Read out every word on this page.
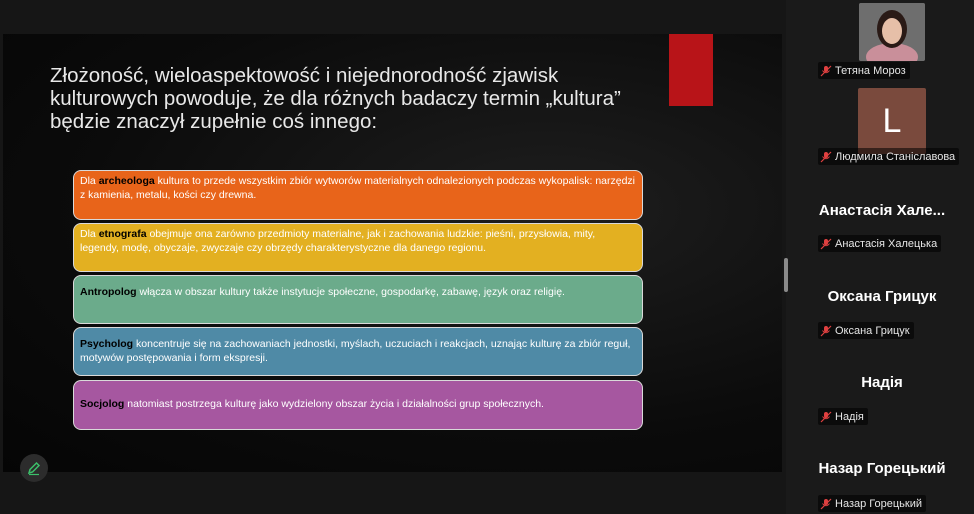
Złożoność, wieloaspektowość i niejednorodność zjawisk kulturowych powoduje, że dla różnych badaczy termin „kultura” będzie znaczył zupełnie coś innego:
Dla archeologa kultura to przede wszystkim zbiór wytworów materialnych odnalezionych podczas wykopalisk: narzędzi z kamienia, metalu, kości czy drewna.
Dla etnografa obejmuje ona zarówno przedmioty materialne, jak i zachowania ludzkie: pieśni, przysłowia, mity, legendy, modę, obyczaje, zwyczaje czy obrzędy charakterystyczne dla danego regionu.
Antropolog włącza w obszar kultury także instytucje społeczne, gospodarkę, zabawę, język oraz religię.
Psycholog koncentruje się na zachowaniach jednostki, myślach, uczuciach i reakcjach, uznając kulturę za zbiór reguł, motywów postępowania i form ekspresji.
Socjolog natomiast postrzega kulturę jako wydzielony obszar życia i działalności grup społecznych.
Тетяна Мороз
L
Людмила Станіславова
Анастасія Хале...
Анастасія Халецька
Оксана Грицук
Оксана Грицук
Надія
Надія
Назар Горецький
Назар Горецький
